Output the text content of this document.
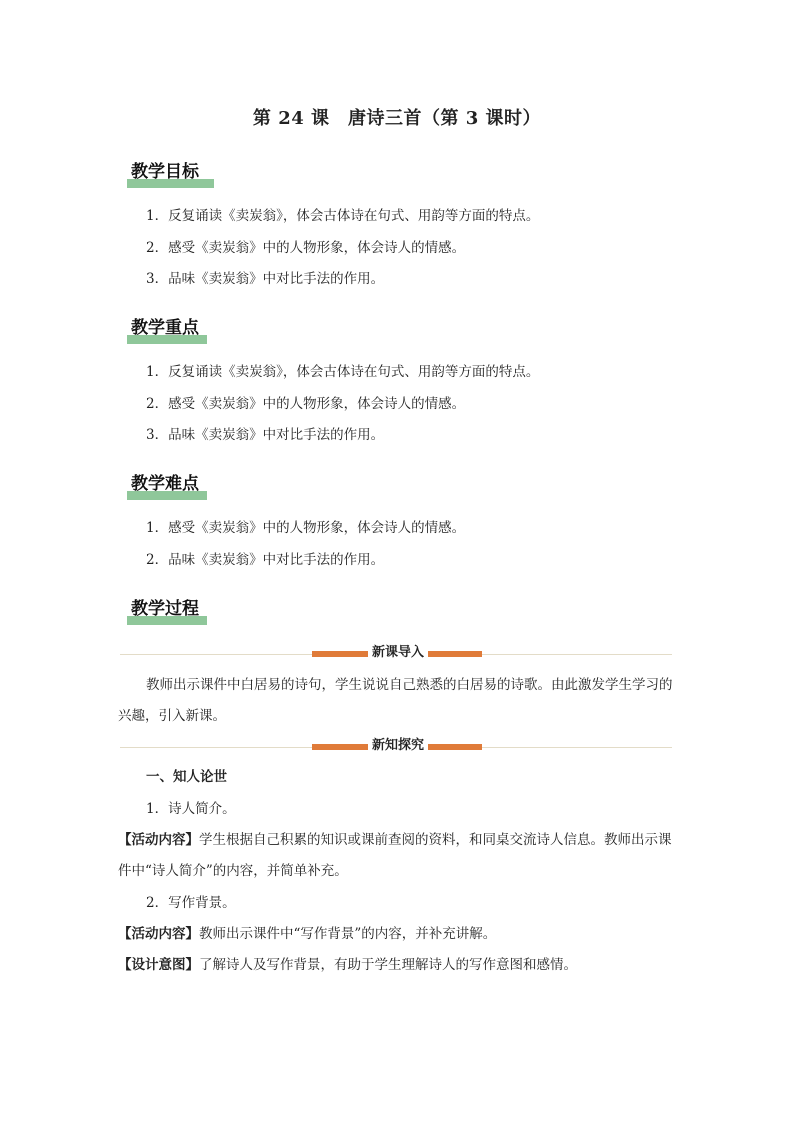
第 24 课　唐诗三首（第 3 课时）
教学目标
1．反复诵读《卖炭翁》，体会古体诗在句式、用韵等方面的特点。
2．感受《卖炭翁》中的人物形象，体会诗人的情感。
3．品味《卖炭翁》中对比手法的作用。
教学重点
1．反复诵读《卖炭翁》，体会古体诗在句式、用韵等方面的特点。
2．感受《卖炭翁》中的人物形象，体会诗人的情感。
3．品味《卖炭翁》中对比手法的作用。
教学难点
1．感受《卖炭翁》中的人物形象，体会诗人的情感。
2．品味《卖炭翁》中对比手法的作用。
教学过程
新课导入
教师出示课件中白居易的诗句，学生说说自己熟悉的白居易的诗歌。由此激发学生学习的兴趣，引入新课。
新知探究
一、知人论世
1．诗人简介。
【活动内容】学生根据自己积累的知识或课前查阅的资料，和同桌交流诗人信息。教师出示课件中“诗人简介”的内容，并简单补充。
2．写作背景。
【活动内容】教师出示课件中“写作背景”的内容，并补充讲解。
【设计意图】了解诗人及写作背景，有助于学生理解诗人的写作意图和感情。
